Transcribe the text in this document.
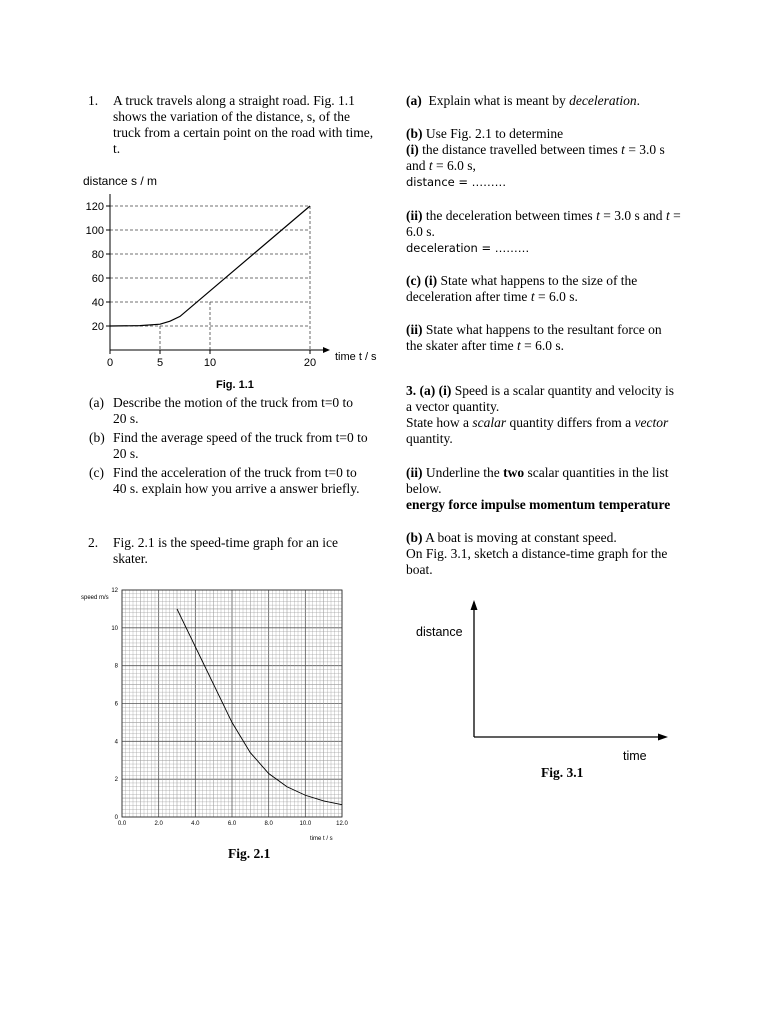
1. A truck travels along a straight road. Fig. 1.1 shows the variation of the distance, s, of the truck from a certain point on the road with time, t.
20
40
60
80
100
120
0	5	10	20
distance s / m
time t / s
Fig. 1.1
(a) Describe the motion of the truck from t=0 to 20 s.
(b) Find the average speed of the truck from t=0 to 20 s.
(c) Find the acceleration of the truck from t=0 to 40 s. explain how you arrive a answer briefly.
2. Fig. 2.1 is the speed-time graph for an ice skater.
0
2
4
6
8
10
12
0.0	2.0	4.0	6.0	8.0	10.0	12.0
speed m/s
time t / s
Fig. 2.1

(a) Explain what is meant by deceleration.

(b) Use Fig. 2.1 to determine

(i) the distance travelled between times t = 3.0 s and t = 6.0 s,

distance = ………

(ii) the deceleration between times t = 3.0 s and t = 6.0 s.

deceleration = ………

(c) (i) State what happens to the size of the deceleration after time t = 6.0 s.

(ii) State what happens to the resultant force on the skater after time t = 6.0 s.

3. (a) (i) Speed is a scalar quantity and velocity is a vector quantity.

State how a scalar quantity differs from a vector quantity.

(ii) Underline the two scalar quantities in the list below.

energy force impulse momentum temperature

(b) A boat is moving at constant speed.

On Fig. 3.1, sketch a distance-time graph for the boat.

distance
time
Fig. 3.1
